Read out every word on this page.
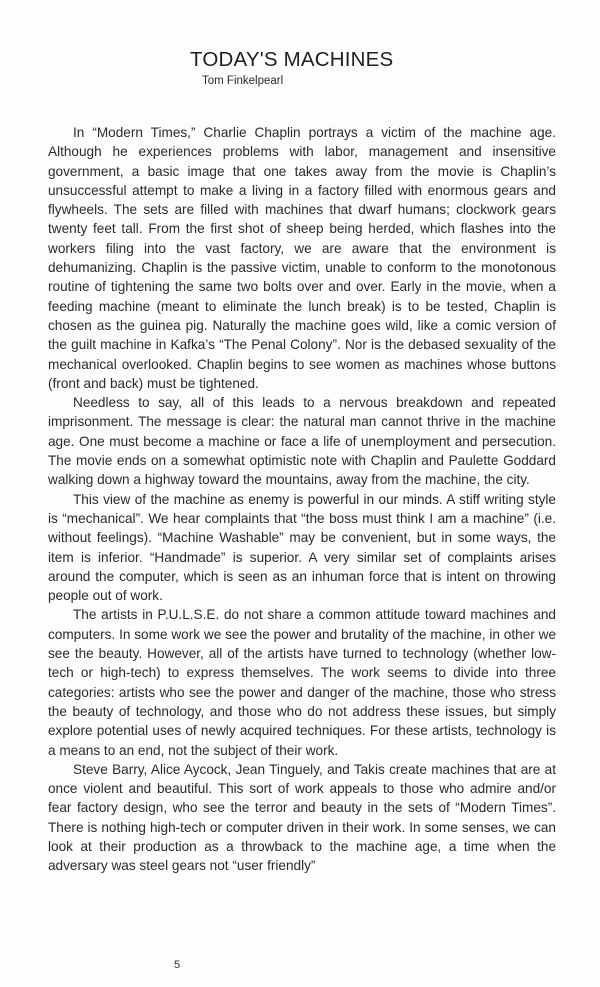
TODAY'S MACHINES
Tom Finkelpearl

In “Modern Times,” Charlie Chaplin portrays a victim of the machine age. Although he experiences problems with labor, management and insensitive government, a basic image that one takes away from the movie is Chaplin’s unsuccessful attempt to make a living in a factory filled with enormous gears and flywheels. The sets are filled with machines that dwarf humans; clockwork gears twenty feet tall. From the first shot of sheep being herded, which flashes into the workers filing into the vast factory, we are aware that the environment is dehumanizing. Chaplin is the passive victim, unable to conform to the monotonous routine of tightening the same two bolts over and over. Early in the movie, when a feeding machine (meant to eliminate the lunch break) is to be tested, Chaplin is chosen as the guinea pig. Naturally the machine goes wild, like a comic version of the guilt machine in Kafka’s “The Penal Colony”. Nor is the debased sexuality of the mechanical overlooked. Chaplin begins to see women as machines whose buttons (front and back) must be tightened.

Needless to say, all of this leads to a nervous breakdown and repeated imprisonment. The message is clear: the natural man cannot thrive in the machine age. One must become a machine or face a life of unemployment and persecution. The movie ends on a somewhat optimistic note with Chaplin and Paulette Goddard walking down a highway toward the mountains, away from the machine, the city.

This view of the machine as enemy is powerful in our minds. A stiff writing style is “mechanical”. We hear complaints that “the boss must think I am a machine” (i.e. without feelings). “Machine Washable” may be convenient, but in some ways, the item is inferior. “Handmade” is superior. A very similar set of complaints arises around the computer, which is seen as an inhuman force that is intent on throwing people out of work.

The artists in P.U.L.S.E. do not share a common attitude toward machines and computers. In some work we see the power and brutality of the machine, in other we see the beauty. However, all of the artists have turned to technology (whether low-tech or high-tech) to express themselves. The work seems to divide into three categories: artists who see the power and danger of the machine, those who stress the beauty of technology, and those who do not address these issues, but simply explore potential uses of newly acquired techniques. For these artists, technology is a means to an end, not the subject of their work.

Steve Barry, Alice Aycock, Jean Tinguely, and Takis create machines that are at once violent and beautiful. This sort of work appeals to those who admire and/or fear factory design, who see the terror and beauty in the sets of “Modern Times”. There is nothing high-tech or computer driven in their work. In some senses, we can look at their production as a throwback to the machine age, a time when the adversary was steel gears not “user friendly”

5
